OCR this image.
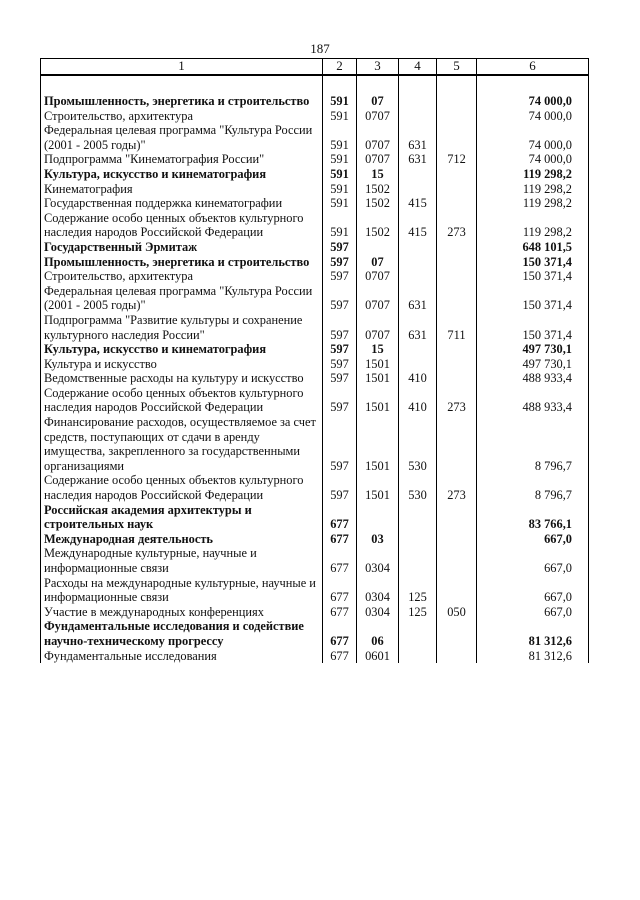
187
1	2	3	4	5	6

Промышленность, энергетика и строительство	591	07			74 000,0
Строительство, архитектура	591	0707			74 000,0
Федеральная целевая программа "Культура России (2001 - 2005 годы)"	591	0707	631		74 000,0
Подпрограмма "Кинематография России"	591	0707	631	712	74 000,0
Культура, искусство и кинематография	591	15			119 298,2
Кинематография	591	1502			119 298,2
Государственная поддержка кинематографии	591	1502	415		119 298,2
Содержание особо ценных объектов культурного наследия народов Российской Федерации	591	1502	415	273	119 298,2
Государственный Эрмитаж	597				648 101,5
Промышленность, энергетика и строительство	597	07			150 371,4
Строительство, архитектура	597	0707			150 371,4
Федеральная целевая программа "Культура России (2001 - 2005 годы)"	597	0707	631		150 371,4
Подпрограмма "Развитие культуры и сохранение культурного наследия России"	597	0707	631	711	150 371,4
Культура, искусство и кинематография	597	15			497 730,1
Культура и искусство	597	1501			497 730,1
Ведомственные расходы на культуру и искусство	597	1501	410		488 933,4
Содержание особо ценных объектов культурного наследия народов Российской Федерации	597	1501	410	273	488 933,4
Финансирование расходов, осуществляемое за счет средств, поступающих от сдачи в аренду имущества, закрепленного за государственными организациями	597	1501	530		8 796,7
Содержание особо ценных объектов культурного наследия народов Российской Федерации	597	1501	530	273	8 796,7
Российская академия архитектуры и строительных наук	677				83 766,1
Международная деятельность	677	03			667,0
Международные культурные, научные и информационные связи	677	0304			667,0
Расходы на международные культурные, научные и информационные связи	677	0304	125		667,0
Участие в международных конференциях	677	0304	125	050	667,0
Фундаментальные исследования и содействие научно-техническому прогрессу	677	06			81 312,6
Фундаментальные исследования	677	0601			81 312,6
